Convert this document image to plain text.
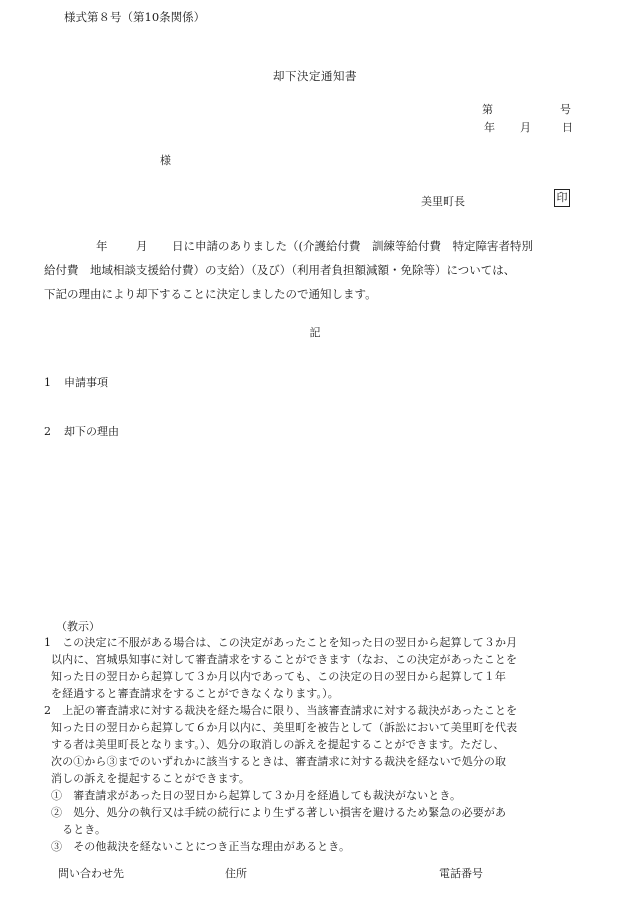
様式第８号（第10条関係）
却下決定通知書
第	号
年 月	日
様
美里町長	印
年 月 日に申請のありました（(介護給付費　訓練等給付費　特定障害者特別
給付費　地域相談支援給付費）の支給）（及び）（利用者負担額減額・免除等）については、
下記の理由により却下することに決定しましたので通知します。
記
1 申請事項
2 却下の理由
（教示）
1　この決定に不服がある場合は、この決定があったことを知った日の翌日から起算して３か月
以内に、宮城県知事に対して審査請求をすることができます（なお、この決定があったことを
知った日の翌日から起算して３か月以内であっても、この決定の日の翌日から起算して１年
を経過すると審査請求をすることができなくなります。）。
2　上記の審査請求に対する裁決を経た場合に限り、当該審査請求に対する裁決があったことを
知った日の翌日から起算して６か月以内に、美里町を被告として（訴訟において美里町を代表
する者は美里町長となります。）、処分の取消しの訴えを提起することができます。ただし、
次の①から③までのいずれかに該当するときは、審査請求に対する裁決を経ないで処分の取
消しの訴えを提起することができます。
①　審査請求があった日の翌日から起算して３か月を経過しても裁決がないとき。
②　処分、処分の執行又は手続の続行により生ずる著しい損害を避けるため緊急の必要があ
　るとき。
③　その他裁決を経ないことにつき正当な理由があるとき。
問い合わせ先	住所	電話番号
